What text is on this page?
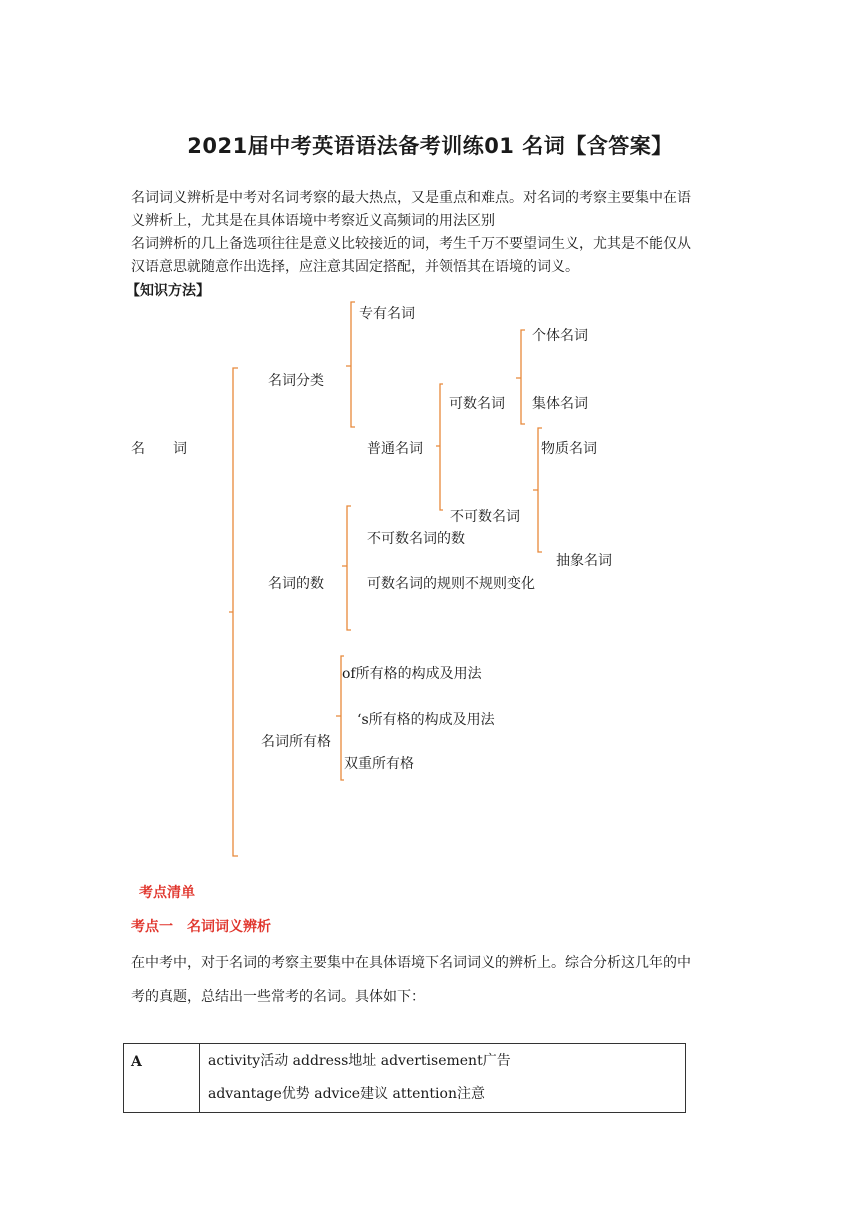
2021届中考英语语法备考训练01 名词【含答案】
名词词义辨析是中考对名词考察的最大热点，又是重点和难点。对名词的考察主要集中在语
义辨析上，尤其是在具体语境中考察近义高频词的用法区别
名词辨析的几上备选项往往是意义比较接近的词，考生千万不要望词生义，尤其是不能仅从
汉语意思就随意作出选择，应注意其固定搭配，并领悟其在语境的词义。
【知识方法】
名　　词
名词分类
专有名词
普通名词
可数名词
个体名词
集体名词
不可数名词
物质名词
抽象名词
名词的数
不可数名词的数
可数名词的规则不规则变化
名词所有格
of所有格的构成及用法
‘s所有格的构成及用法
双重所有格
考点清单
考点一　名词词义辨析
在中考中，对于名词的考察主要集中在具体语境下名词词义的辨析上。综合分析这几年的中
考的真题，总结出一些常考的名词。具体如下：
A	activity活动 address地址 advertisement广告
advantage优势 advice建议 attention注意
